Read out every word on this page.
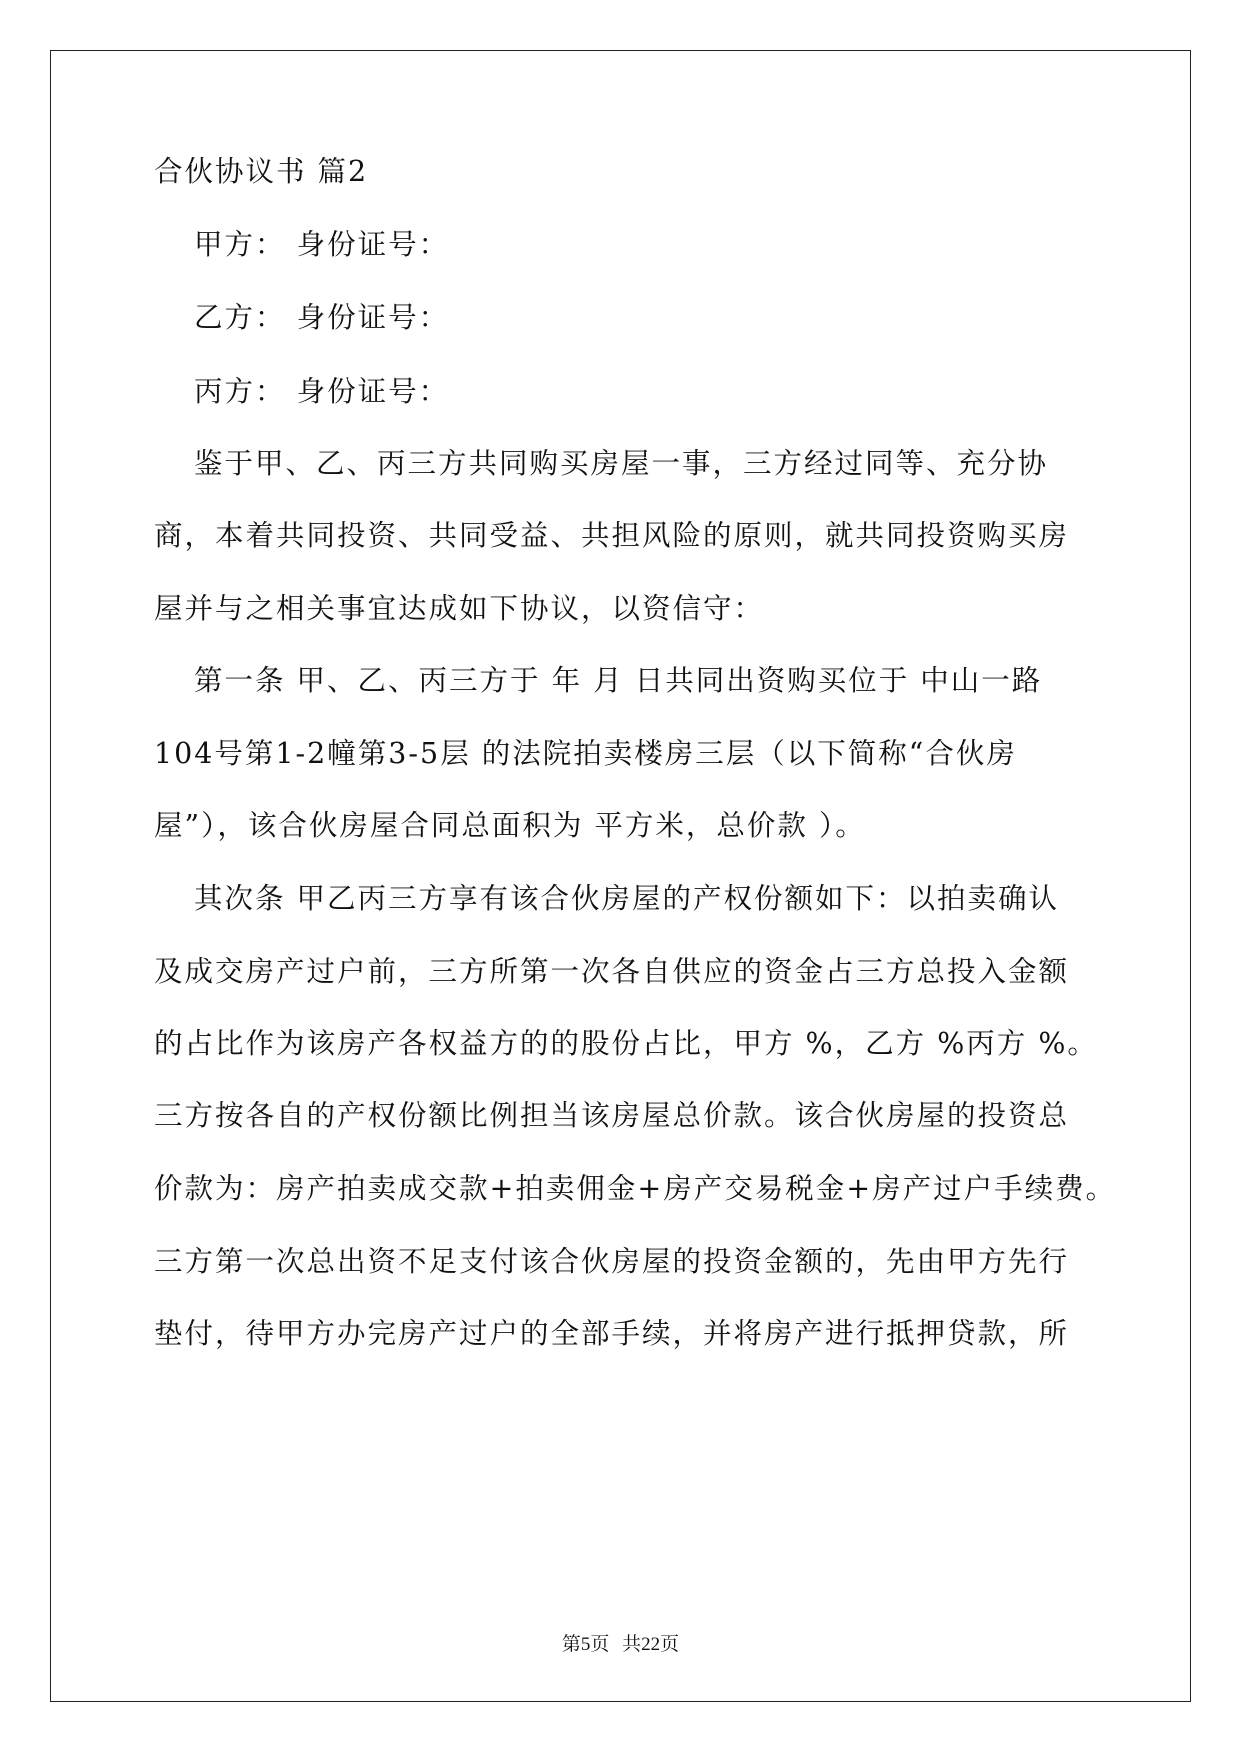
合伙协议书 篇2
甲方： 身份证号：
乙方： 身份证号：
丙方： 身份证号：
鉴于甲、乙、丙三方共同购买房屋一事，三方经过同等、充分协
商，本着共同投资、共同受益、共担风险的原则，就共同投资购买房
屋并与之相关事宜达成如下协议，以资信守：
第一条 甲、乙、丙三方于 年 月 日共同出资购买位于 中山一路
104号第1-2幢第3-5层 的法院拍卖楼房三层（以下简称“合伙房
屋”），该合伙房屋合同总面积为 平方米，总价款 ）。
其次条 甲乙丙三方享有该合伙房屋的产权份额如下：以拍卖确认
及成交房产过户前，三方所第一次各自供应的资金占三方总投入金额
的占比作为该房产各权益方的的股份占比，甲方 %，乙方 %丙方 %。
三方按各自的产权份额比例担当该房屋总价款。该合伙房屋的投资总
价款为：房产拍卖成交款+拍卖佣金+房产交易税金+房产过户手续费。
三方第一次总出资不足支付该合伙房屋的投资金额的，先由甲方先行
垫付，待甲方办完房产过户的全部手续，并将房产进行抵押贷款，所
第5页 共22页
